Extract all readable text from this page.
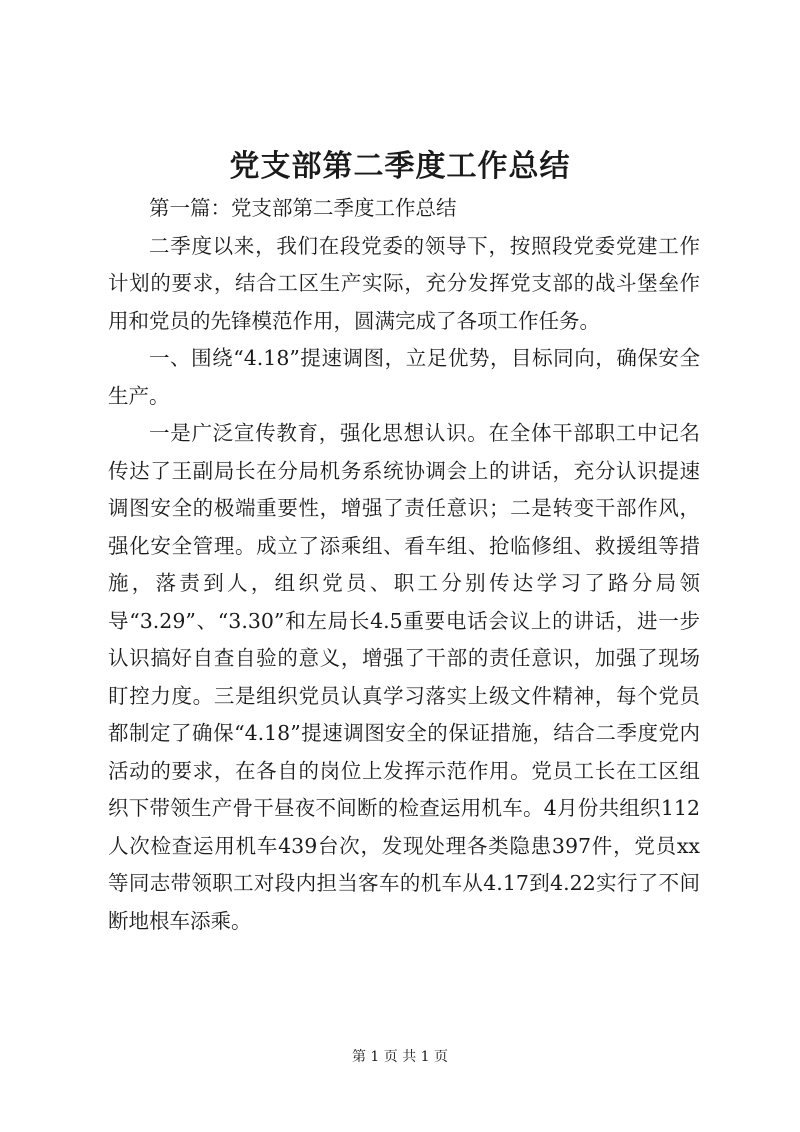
党支部第二季度工作总结

第一篇：党支部第二季度工作总结

二季度以来，我们在段党委的领导下，按照段党委党建工作计划的要求，结合工区生产实际，充分发挥党支部的战斗堡垒作用和党员的先锋模范作用，圆满完成了各项工作任务。

一、围绕“4.18”提速调图，立足优势，目标同向，确保安全生产。

一是广泛宣传教育，强化思想认识。在全体干部职工中记名传达了王副局长在分局机务系统协调会上的讲话，充分认识提速调图安全的极端重要性，增强了责任意识；二是转变干部作风，强化安全管理。成立了添乘组、看车组、抢临修组、救援组等措施，落责到人，组织党员、职工分别传达学习了路分局领导“3.29”、“3.30”和左局长4.5重要电话会议上的讲话，进一步认识搞好自查自验的意义，增强了干部的责任意识，加强了现场盯控力度。三是组织党员认真学习落实上级文件精神，每个党员都制定了确保“4.18”提速调图安全的保证措施，结合二季度党内活动的要求，在各自的岗位上发挥示范作用。党员工长在工区组织下带领生产骨干昼夜不间断的检查运用机车。4月份共组织112人次检查运用机车439台次，发现处理各类隐患397件，党员xx等同志带领职工对段内担当客车的机车从4.17到4.22实行了不间断地根车添乘。

第 1 页 共 1 页
